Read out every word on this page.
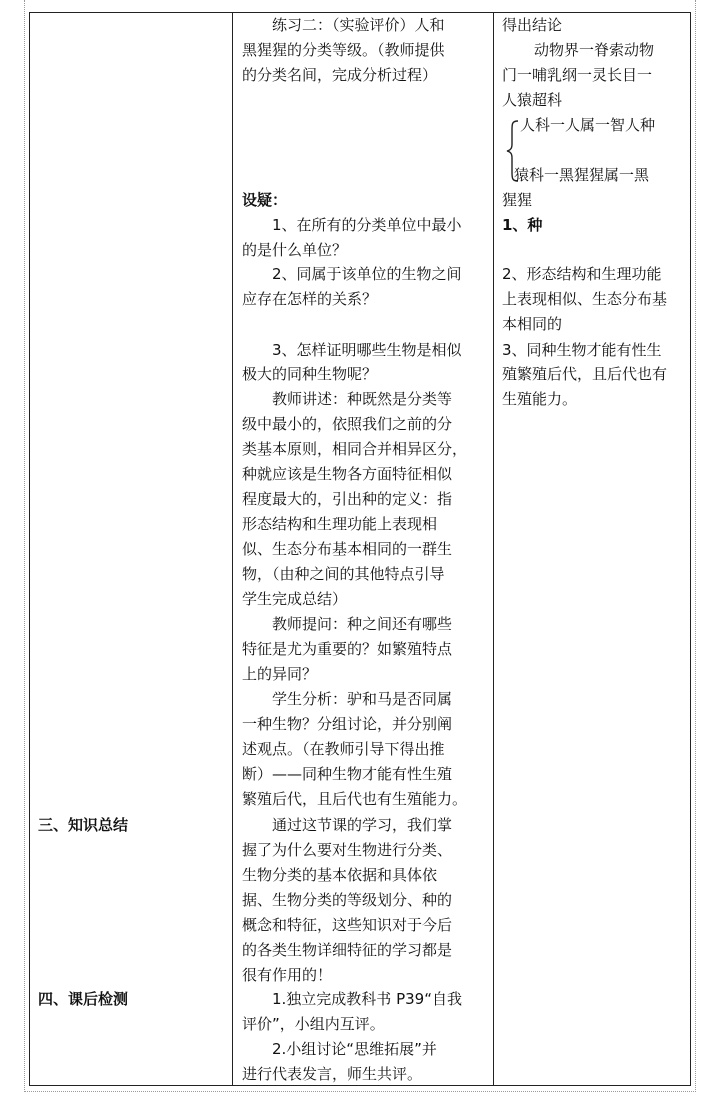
三、知识总结
四、课后检测
练习二：（实验评价）人和
黑猩猩的分类等级。（教师提供
的分类名间，完成分析过程）
设疑：
1、在所有的分类单位中最小
的是什么单位？
2、同属于该单位的生物之间
应存在怎样的关系？
3、怎样证明哪些生物是相似
极大的同种生物呢？
教师讲述：种既然是分类等
级中最小的，依照我们之前的分
类基本原则，相同合并相异区分，
种就应该是生物各方面特征相似
程度最大的，引出种的定义：指
形态结构和生理功能上表现相
似、生态分布基本相同的一群生
物，（由种之间的其他特点引导
学生完成总结）
教师提问：种之间还有哪些
特征是尤为重要的？如繁殖特点
上的异同？
学生分析：驴和马是否同属
一种生物？分组讨论，并分别阐
述观点。（在教师引导下得出推
断）——同种生物才能有性生殖
繁殖后代，且后代也有生殖能力。
通过这节课的学习，我们掌
握了为什么要对生物进行分类、
生物分类的基本依据和具体依
据、生物分类的等级划分、种的
概念和特征，这些知识对于今后
的各类生物详细特征的学习都是
很有作用的！
1.独立完成教科书 P39“自我
评价”，小组内互评。
2.小组讨论“思维拓展”并
进行代表发言，师生共评。
得出结论
动物界一脊索动物
门一哺乳纲一灵长目一
人猿超科
人科一人属一智人种
猿科一黑猩猩属一黑
猩猩
1、种
2、形态结构和生理功能
上表现相似、生态分布基
本相同的
3、同种生物才能有性生
殖繁殖后代，且后代也有
生殖能力。
